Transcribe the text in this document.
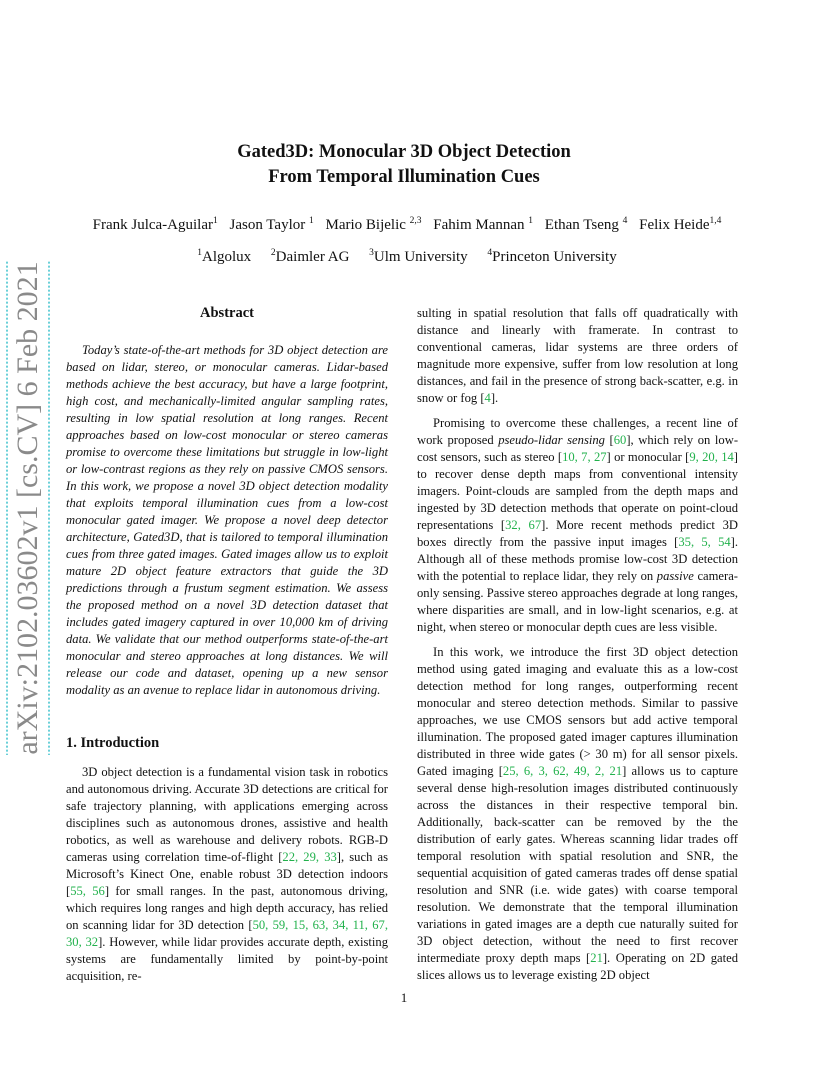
arXiv:2102.03602v1 [cs.CV] 6 Feb 2021
Gated3D: Monocular 3D Object Detection
From Temporal Illumination Cues
Frank Julca-Aguilar$^1$ Jason Taylor $^1$ Mario Bijelic $^{2,3}$ Fahim Mannan $^1$ Ethan Tseng $^4$ Felix Heide$^{1,4}$
$^1$Algolux $^2$Daimler AG $^3$Ulm University $^4$Princeton University
Abstract

Today’s state-of-the-art methods for 3D object detection are based on lidar, stereo, or monocular cameras. Lidar-based methods achieve the best accuracy, but have a large footprint, high cost, and mechanically-limited angular sampling rates, resulting in low spatial resolution at long ranges. Recent approaches based on low-cost monocular or stereo cameras promise to overcome these limitations but struggle in low-light or low-contrast regions as they rely on passive CMOS sensors. In this work, we propose a novel 3D object detection modality that exploits temporal illumination cues from a low-cost monocular gated imager. We propose a novel deep detector architecture, Gated3D, that is tailored to temporal illumination cues from three gated images. Gated images allow us to exploit mature 2D object feature extractors that guide the 3D predictions through a frustum segment estimation. We assess the proposed method on a novel 3D detection dataset that includes gated imagery captured in over 10,000 km of driving data. We validate that our method outperforms state-of-the-art monocular and stereo approaches at long distances. We will release our code and dataset, opening up a new sensor modality as an avenue to replace lidar in autonomous driving.

1. Introduction

3D object detection is a fundamental vision task in robotics and autonomous driving. Accurate 3D detections are critical for safe trajectory planning, with applications emerging across disciplines such as autonomous drones, assistive and health robotics, as well as warehouse and delivery robots. RGB-D cameras using correlation time-of-flight [22, 29, 33], such as Microsoft’s Kinect One, enable robust 3D detection indoors [55, 56] for small ranges. In the past, autonomous driving, which requires long ranges and high depth accuracy, has relied on scanning lidar for 3D detection [50, 59, 15, 63, 34, 11, 67, 30, 32]. However, while lidar provides accurate depth, existing systems are fundamentally limited by point-by-point acquisition, re-

sulting in spatial resolution that falls off quadratically with distance and linearly with framerate. In contrast to conventional cameras, lidar systems are three orders of magnitude more expensive, suffer from low resolution at long distances, and fail in the presence of strong back-scatter, e.g. in snow or fog [4].

Promising to overcome these challenges, a recent line of work proposed pseudo-lidar sensing [60], which rely on low-cost sensors, such as stereo [10, 7, 27] or monocular [9, 20, 14] to recover dense depth maps from conventional intensity imagers. Point-clouds are sampled from the depth maps and ingested by 3D detection methods that operate on point-cloud representations [32, 67]. More recent methods predict 3D boxes directly from the passive input images [35, 5, 54]. Although all of these methods promise low-cost 3D detection with the potential to replace lidar, they rely on passive camera-only sensing. Passive stereo approaches degrade at long ranges, where disparities are small, and in low-light scenarios, e.g. at night, when stereo or monocular depth cues are less visible.

In this work, we introduce the first 3D object detection method using gated imaging and evaluate this as a low-cost detection method for long ranges, outperforming recent monocular and stereo detection methods. Similar to passive approaches, we use CMOS sensors but add active temporal illumination. The proposed gated imager captures illumination distributed in three wide gates (> 30 m) for all sensor pixels. Gated imaging [25, 6, 3, 62, 49, 2, 21] allows us to capture several dense high-resolution images distributed continuously across the distances in their respective temporal bin. Additionally, back-scatter can be removed by the the distribution of early gates. Whereas scanning lidar trades off temporal resolution with spatial resolution and SNR, the sequential acquisition of gated cameras trades off dense spatial resolution and SNR (i.e. wide gates) with coarse temporal resolution. We demonstrate that the temporal illumination variations in gated images are a depth cue naturally suited for 3D object detection, without the need to first recover intermediate proxy depth maps [21]. Operating on 2D gated slices allows us to leverage existing 2D object

1
